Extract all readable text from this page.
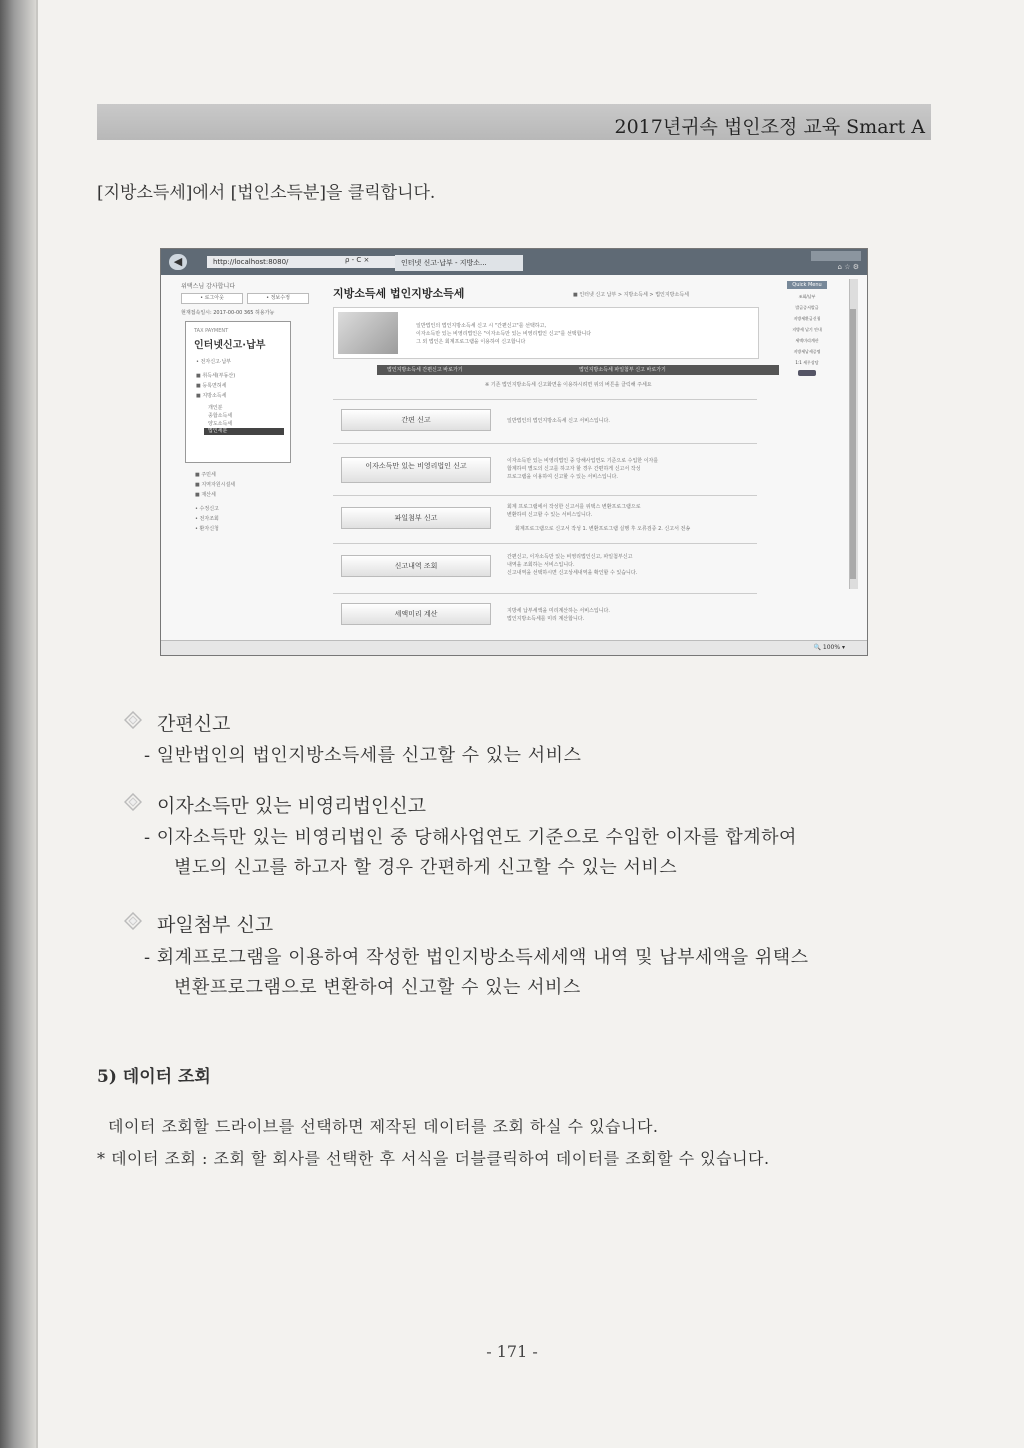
2017년귀속 법인조정 교육 Smart A
[지방소득세]에서 [법인소득분]을 클릭합니다.
◀	http://localhost:8080/	ρ - C ×	인터넷 신고·납부 - 지방소...	⌂ ☆ ⚙
위택스님 감사합니다
• 로그아웃	• 정보수정
현재접속일시: 2017-00-00 365 허용가능
TAX PAYMENT
인터넷신고·납부
• 전자신고·납부
■ 취득세(부동산)
■ 등록면허세
■ 지방소득세
개인분
종합소득세
양도소득세
법인세분
■ 주민세
■ 지역자원시설세
■ 재산세
• 수정신고
• 전자조회
• 환자신청
지방소득세 법인지방소득세	■ 인터넷 신고 납부 > 지방소득세 > 법인지방소득세
Quick Menu
조회/납부
발급증서발급
지방세환급신청
지방세 납기 안내
세액미리계산
지방세납세증명
1:1 세무상담
일반법인의 법인지방소득세 신고 시 "간편신고"를 선택하고,
이자소득만 있는 비영리법인은 "이자소득만 있는 비영리법인 신고"를 선택합니다
그 외 법인은 회계프로그램을 이용하여 신고합니다
법인지방소득세 간편신고 바로가기	법인지방소득세 파일첨부 신고 바로가기
※ 기존 법인지방소득세 신고화면을 이용하시려면 위의 버튼을 클릭해 주세요
간편 신고	일반법인의 법인지방소득세 신고 서비스입니다.
이자소득만 있는 비영리법인 신고
이자소득만 있는 비영리법인 중 당해사업연도 기준으로 수입한 이자를
합계하여 별도의 신고를 하고자 할 경우 간편하게 신고서 작성
프로그램을 이용하여 신고할 수 있는 서비스입니다.
파일첨부 신고
회계 프로그램에서 작성한 신고서를 위택스 변환프로그램으로
변환하여 신고할 수 있는 서비스입니다.
회계프로그램으로 신고서 작성 1. 변환프로그램 실행 후 오류검증 2. 신고서 전송
신고내역 조회
간편신고, 이자소득만 있는 비영리법인신고, 파일첨부신고
내역을 조회하는 서비스입니다.
신고내역을 선택하시면 신고상세내역을 확인할 수 있습니다.
세액미리 계산	지방세 납부세액을 미리계산하는 서비스입니다.
법인지방소득세를 미리 계산합니다.
🔍 100% ▾
간편신고
- 일반법인의 법인지방소득세를 신고할 수 있는 서비스
이자소득만 있는 비영리법인신고
- 이자소득만 있는 비영리법인 중 당해사업연도 기준으로 수입한 이자를 합계하여
별도의 신고를 하고자 할 경우 간편하게 신고할 수 있는 서비스
파일첨부 신고
- 회계프로그램을 이용하여 작성한 법인지방소득세세액 내역 및 납부세액을 위택스
변환프로그램으로 변환하여 신고할 수 있는 서비스
5) 데이터 조회
데이터 조회할 드라이브를 선택하면 제작된 데이터를 조회 하실 수 있습니다.
* 데이터 조회 : 조회 할 회사를 선택한 후 서식을 더블클릭하여 데이터를 조회할 수 있습니다.
- 171 -
